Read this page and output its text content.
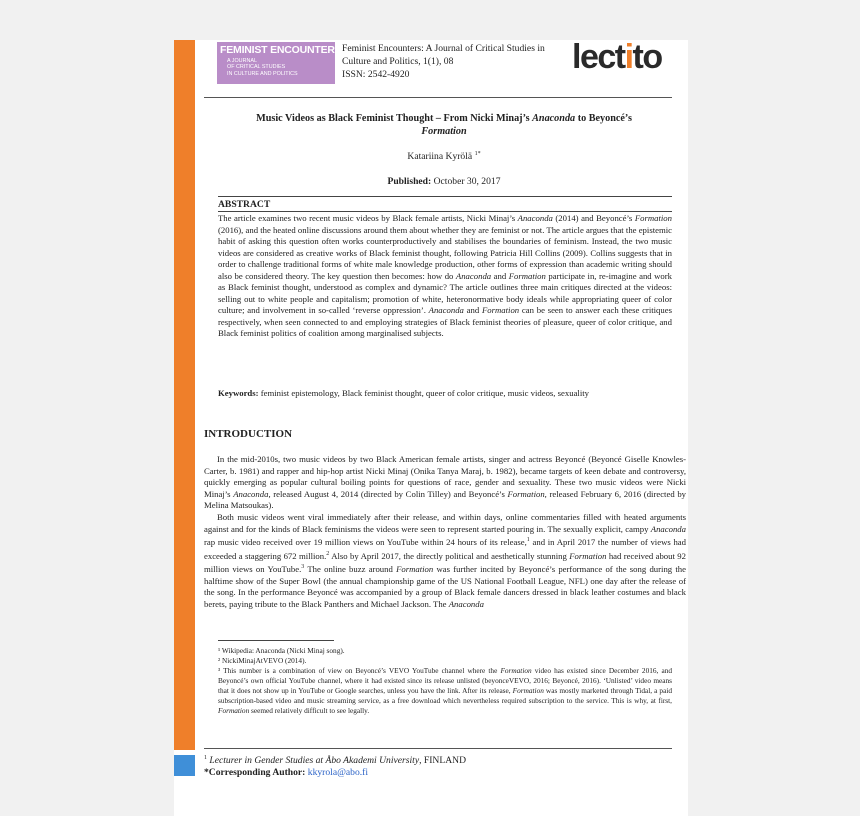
FEMINIST ENCOUNTERS
A JOURNAL
OF CRITICAL STUDIES
IN CULTURE AND POLITICS
Feminist Encounters: A Journal of Critical Studies in
Culture and Politics, 1(1), 08
ISSN: 2542-4920	lectito
Music Videos as Black Feminist Thought – From Nicki Minaj’s Anaconda to Beyoncé’s
Formation
Katariina Kyrölä $^{1*}$
Published: October 30, 2017
ABSTRACT
The article examines two recent music videos by Black female artists, Nicki Minaj’s Anaconda (2014) and Beyoncé’s Formation (2016), and the heated online discussions around them about whether they are feminist or not. The article argues that the epistemic habit of asking this question often works counterproductively and stabilises the boundaries of feminism. Instead, the two music videos are considered as creative works of Black feminist thought, following Patricia Hill Collins (2009). Collins suggests that in order to challenge traditional forms of white male knowledge production, other forms of expression than academic writing should also be considered theory. The key question then becomes: how do Anaconda and Formation participate in, re-imagine and work as Black feminist thought, understood as complex and dynamic? The article outlines three main critiques directed at the videos: selling out to white people and capitalism; promotion of white, heteronormative body ideals while appropriating queer of color culture; and involvement in so-called ‘reverse oppression’. Anaconda and Formation can be seen to answer each these critiques respectively, when seen connected to and employing strategies of Black feminist theories of pleasure, queer of color critique, and Black feminist politics of coalition among marginalised subjects.
Keywords: feminist epistemology, Black feminist thought, queer of color critique, music videos, sexuality
INTRODUCTION

In the mid-2010s, two music videos by two Black American female artists, singer and actress Beyoncé (Beyoncé Giselle Knowles-Carter, b. 1981) and rapper and hip-hop artist Nicki Minaj (Onika Tanya Maraj, b. 1982), became targets of keen debate and controversy, quickly emerging as popular cultural boiling points for questions of race, gender and sexuality. These two music videos were Nicki Minaj’s Anaconda, released August 4, 2014 (directed by Colin Tilley) and Beyoncé’s Formation, released February 6, 2016 (directed by Melina Matsoukas).

Both music videos went viral immediately after their release, and within days, online commentaries filled with heated arguments against and for the kinds of Black feminisms the videos were seen to represent started pouring in. The sexually explicit, campy Anaconda rap music video received over 19 million views on YouTube within 24 hours of its release,$^1$ and in April 2017 the number of views had exceeded a staggering 672 million.$^2$ Also by April 2017, the directly political and aesthetically stunning Formation had received about 92 million views on YouTube.$^3$ The online buzz around Formation was further incited by Beyoncé’s performance of the song during the halftime show of the Super Bowl (the annual championship game of the US National Football League, NFL) one day after the release of the song. In the performance Beyoncé was accompanied by a group of Black female dancers dressed in black leather costumes and black berets, paying tribute to the Black Panthers and Michael Jackson. The Anaconda

¹ Wikipedia: Anaconda (Nicki Minaj song).

² NickiMinajAtVEVO (2014).

³ This number is a combination of view on Beyoncé’s VEVO YouTube channel where the Formation video has existed since December 2016, and Beyoncé’s own official YouTube channel, where it had existed since its release unlisted (beyonceVEVO, 2016; Beyoncé, 2016). ‘Unlisted’ video means that it does not show up in YouTube or Google searches, unless you have the link. After its release, Formation was mostly marketed through Tidal, a paid subscription-based video and music streaming service, as a free download which nevertheless required subscription to the service. This is why, at first, Formation seemed relatively difficult to see legally.

$^1$ Lecturer in Gender Studies at Åbo Akademi University, FINLAND
*Corresponding Author: kkyrola@abo.fi
